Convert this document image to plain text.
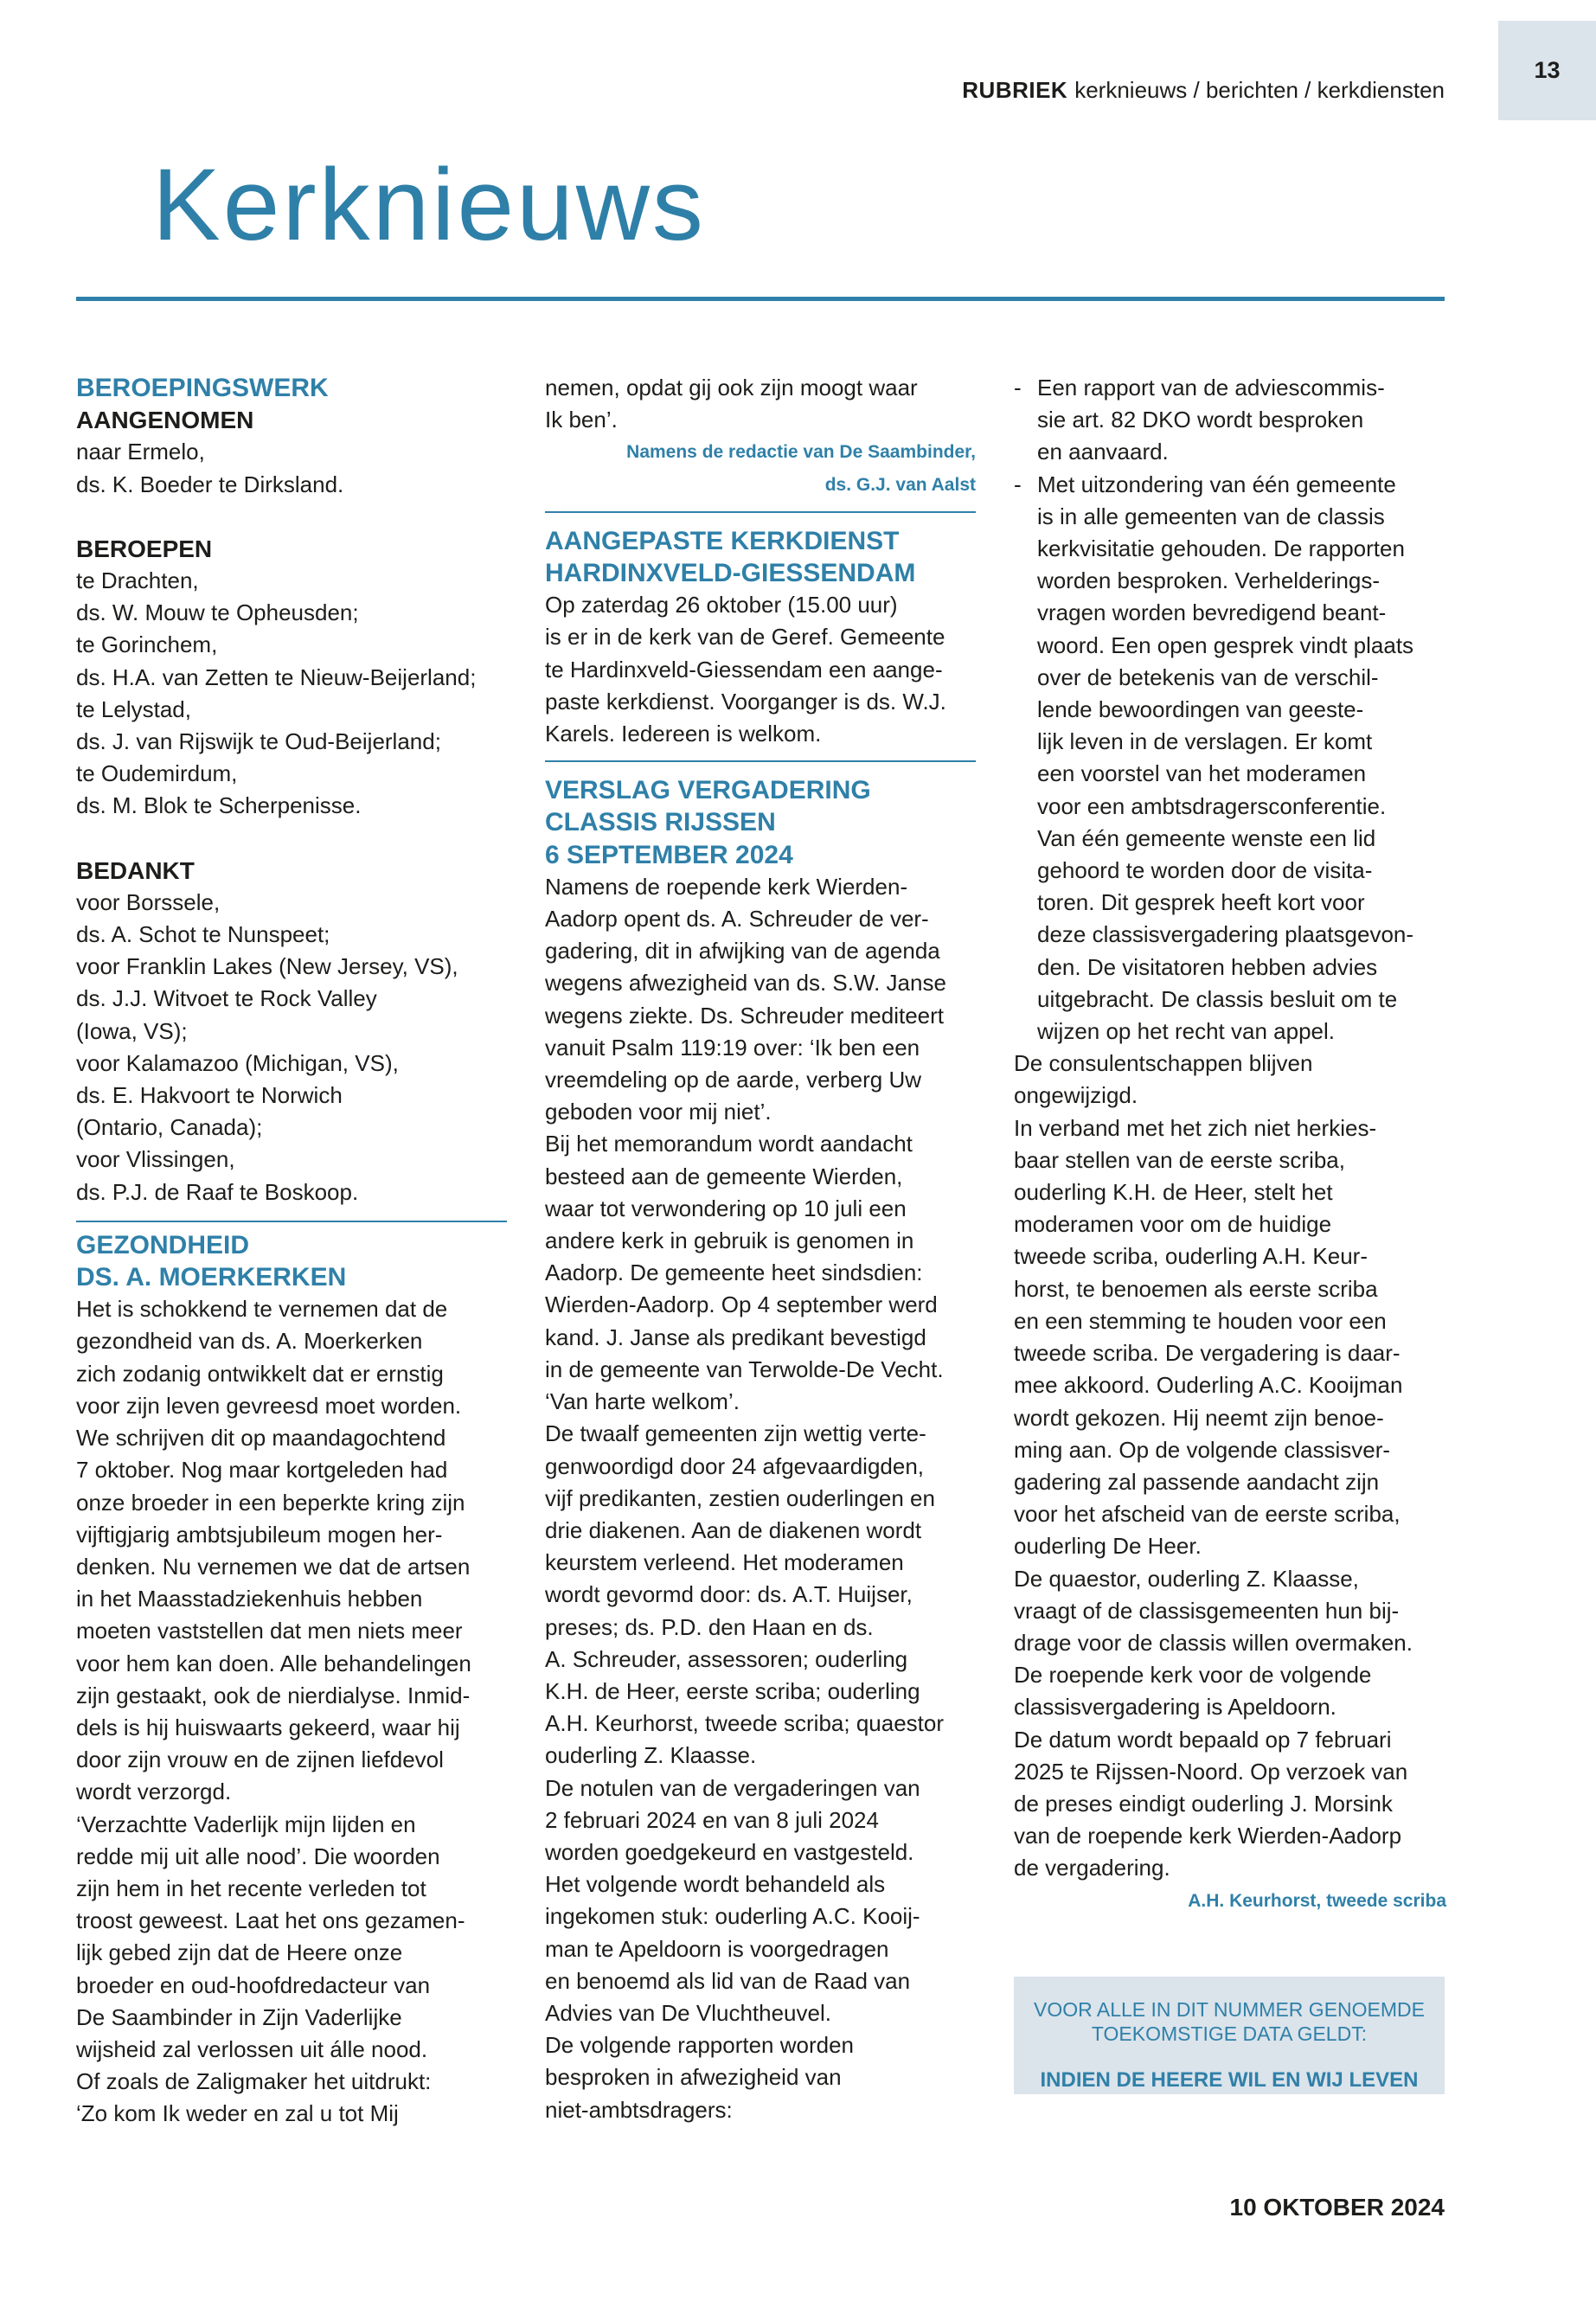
13
RUBRIEK kerknieuws / berichten / kerkdiensten
Kerknieuws
BEROEPINGSWERK
AANGENOMEN
naar Ermelo,
ds. K. Boeder te Dirksland.
BEROEPEN
te Drachten,
ds. W. Mouw te Opheusden;
te Gorinchem,
ds. H.A. van Zetten te Nieuw-Beijerland;
te Lelystad,
ds. J. van Rijswijk te Oud-Beijerland;
te Oudemirdum,
ds. M. Blok te Scherpenisse.
BEDANKT
voor Borssele,
ds. A. Schot te Nunspeet;
voor Franklin Lakes (New Jersey, VS),
ds. J.J. Witvoet te Rock Valley
(Iowa, VS);
voor Kalamazoo (Michigan, VS),
ds. E. Hakvoort te Norwich
(Ontario, Canada);
voor Vlissingen,
ds. P.J. de Raaf te Boskoop.
GEZONDHEID
DS. A. MOERKERKEN
Het is schokkend te vernemen dat de
gezondheid van ds. A. Moerkerken
zich zodanig ontwikkelt dat er ernstig
voor zijn leven gevreesd moet worden.
We schrijven dit op maandagochtend
7 oktober. Nog maar kortgeleden had
onze broeder in een beperkte kring zijn
vijftigjarig ambtsjubileum mogen her-
denken. Nu vernemen we dat de artsen
in het Maasstadziekenhuis hebben
moeten vaststellen dat men niets meer
voor hem kan doen. Alle behandelingen
zijn gestaakt, ook de nierdialyse. Inmid-
dels is hij huiswaarts gekeerd, waar hij
door zijn vrouw en de zijnen liefdevol
wordt verzorgd.
‘Verzachtte Vaderlijk mijn lijden en
redde mij uit alle nood’. Die woorden
zijn hem in het recente verleden tot
troost geweest. Laat het ons gezamen-
lijk gebed zijn dat de Heere onze
broeder en oud-hoofdredacteur van
De Saambinder in Zijn Vaderlijke
wijsheid zal verlossen uit álle nood.
Of zoals de Zaligmaker het uitdrukt:
‘Zo kom Ik weder en zal u tot Mij
nemen, opdat gij ook zijn moogt waar
Ik ben’.
Namens de redactie van De Saambinder,
ds. G.J. van Aalst
AANGEPASTE KERKDIENST
HARDINXVELD-GIESSENDAM
Op zaterdag 26 oktober (15.00 uur)
is er in de kerk van de Geref. Gemeente
te Hardinxveld-Giessendam een aange-
paste kerkdienst. Voorganger is ds. W.J.
Karels. Iedereen is welkom.
VERSLAG VERGADERING
CLASSIS RIJSSEN
6 SEPTEMBER 2024
Namens de roepende kerk Wierden-
Aadorp opent ds. A. Schreuder de ver-
gadering, dit in afwijking van de agenda
wegens afwezigheid van ds. S.W. Janse
wegens ziekte. Ds. Schreuder mediteert
vanuit Psalm 119:19 over: ‘Ik ben een
vreemdeling op de aarde, verberg Uw
geboden voor mij niet’.
Bij het memorandum wordt aandacht
besteed aan de gemeente Wierden,
waar tot verwondering op 10 juli een
andere kerk in gebruik is genomen in
Aadorp. De gemeente heet sindsdien:
Wierden-Aadorp. Op 4 september werd
kand. J. Janse als predikant bevestigd
in de gemeente van Terwolde-De Vecht.
‘Van harte welkom’.
De twaalf gemeenten zijn wettig verte-
genwoordigd door 24 afgevaardigden,
vijf predikanten, zestien ouderlingen en
drie diakenen. Aan de diakenen wordt
keurstem verleend. Het moderamen
wordt gevormd door: ds. A.T. Huijser,
preses; ds. P.D. den Haan en ds.
A. Schreuder, assessoren; ouderling
K.H. de Heer, eerste scriba; ouderling
A.H. Keurhorst, tweede scriba; quaestor
ouderling Z. Klaasse.
De notulen van de vergaderingen van
2 februari 2024 en van 8 juli 2024
worden goedgekeurd en vastgesteld.
Het volgende wordt behandeld als
ingekomen stuk: ouderling A.C. Kooij-
man te Apeldoorn is voorgedragen
en benoemd als lid van de Raad van
Advies van De Vluchtheuvel.
De volgende rapporten worden
besproken in afwezigheid van
niet-ambtsdragers:
- Een rapport van de adviescommis-
sie art. 82 DKO wordt besproken
en aanvaard.
- Met uitzondering van één gemeente
is in alle gemeenten van de classis
kerkvisitatie gehouden. De rapporten
worden besproken. Verhelderings-
vragen worden bevredigend beant-
woord. Een open gesprek vindt plaats
over de betekenis van de verschil-
lende bewoordingen van geeste-
lijk leven in de verslagen. Er komt
een voorstel van het moderamen
voor een ambtsdragersconferentie.
Van één gemeente wenste een lid
gehoord te worden door de visita-
toren. Dit gesprek heeft kort voor
deze classisvergadering plaatsgevon-
den. De visitatoren hebben advies
uitgebracht. De classis besluit om te
wijzen op het recht van appel.
De consulentschappen blijven
ongewijzigd.
In verband met het zich niet herkies-
baar stellen van de eerste scriba,
ouderling K.H. de Heer, stelt het
moderamen voor om de huidige
tweede scriba, ouderling A.H. Keur-
horst, te benoemen als eerste scriba
en een stemming te houden voor een
tweede scriba. De vergadering is daar-
mee akkoord. Ouderling A.C. Kooijman
wordt gekozen. Hij neemt zijn benoe-
ming aan. Op de volgende classisver-
gadering zal passende aandacht zijn
voor het afscheid van de eerste scriba,
ouderling De Heer.
De quaestor, ouderling Z. Klaasse,
vraagt of de classisgemeenten hun bij-
drage voor de classis willen overmaken.
De roepende kerk voor de volgende
classisvergadering is Apeldoorn.
De datum wordt bepaald op 7 februari
2025 te Rijssen-Noord. Op verzoek van
de preses eindigt ouderling J. Morsink
van de roepende kerk Wierden-Aadorp
de vergadering.
A.H. Keurhorst, tweede scriba
VOOR ALLE IN DIT NUMMER GENOEMDE
TOEKOMSTIGE DATA GELDT:
INDIEN DE HEERE WIL EN WIJ LEVEN
10 OKTOBER 2024
